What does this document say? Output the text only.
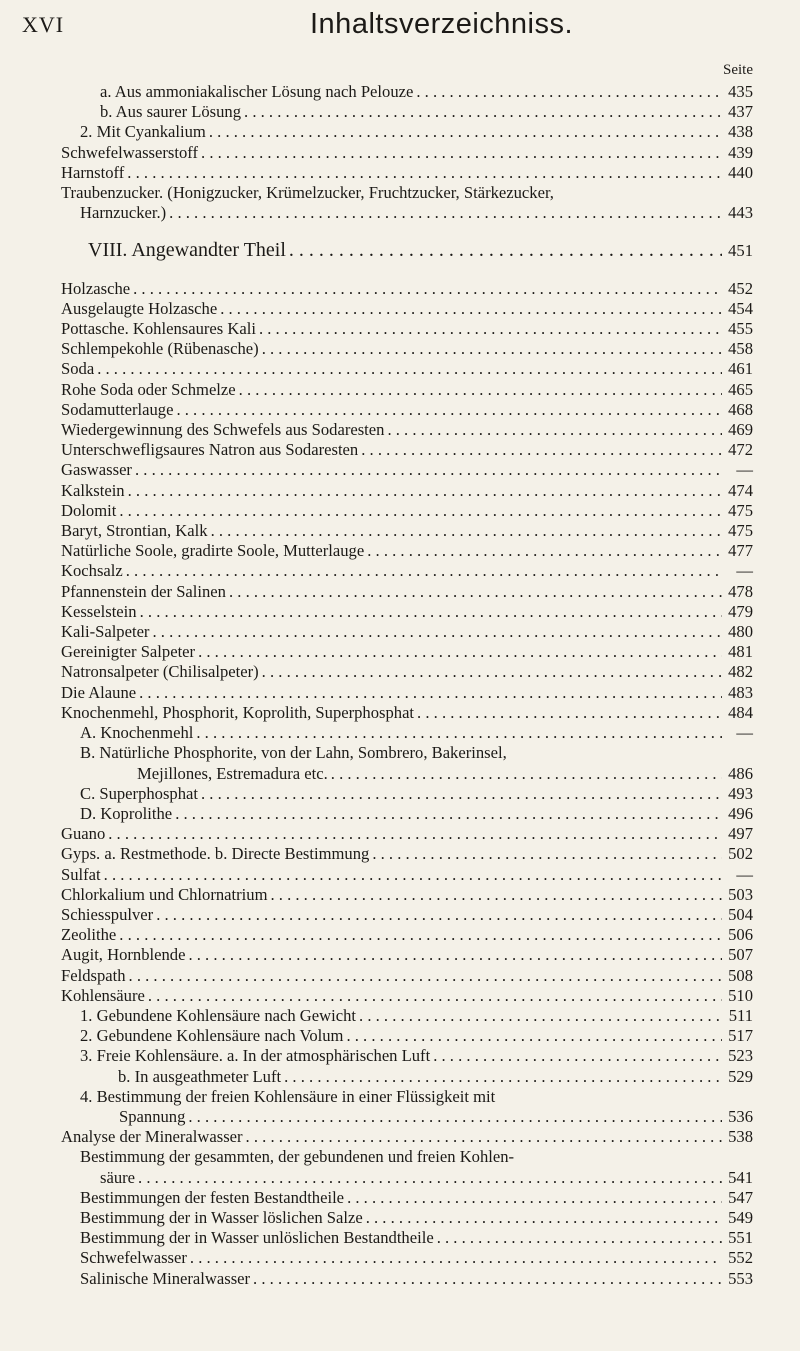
XVI	Inhaltsverzeichniss.
Seite
a. Aus ammoniakalischer Lösung nach Pelouze . . .	435
b. Aus saurer Lösung . . .	437
2. Mit Cyankalium . . .	438
Schwefelwasserstoff . . .	439
Harnstoff . . .	440
Traubenzucker. (Honigzucker, Krümelzucker, Fruchtzucker, Stärkezucker,
Harnzucker.) . . .	443
VIII. Angewandter Theil . . .	451
Holzasche . . .	452
Ausgelaugte Holzasche . . .	454
Pottasche. Kohlensaures Kali . . .	455
Schlempekohle (Rübenasche) . . .	458
Soda . . .	461
Rohe Soda oder Schmelze . . .	465
Sodamutterlauge . . .	468
Wiedergewinnung des Schwefels aus Sodaresten . . .	469
Unterschwefligsaures Natron aus Sodaresten . . .	472
Gaswasser . . .	—
Kalkstein . . .	474
Dolomit . . .	475
Baryt, Strontian, Kalk . . .	475
Natürliche Soole, gradirte Soole, Mutterlauge . . .	477
Kochsalz . . .	—
Pfannenstein der Salinen . . .	478
Kesselstein . . .	479
Kali-Salpeter . . .	480
Gereinigter Salpeter . . .	481
Natronsalpeter (Chilisalpeter) . . .	482
Die Alaune . . .	483
Knochenmehl, Phosphorit, Koprolith, Superphosphat . . .	484
A. Knochenmehl . . .	—
B. Natürliche Phosphorite, von der Lahn, Sombrero, Bakerinsel,
Mejillones, Estremadura etc. . . .	486
C. Superphosphat . . .	493
D. Koprolithe . . .	496
Guano . . .	497
Gyps. a. Restmethode. b. Directe Bestimmung . . .	502
Sulfat . . .	—
Chlorkalium und Chlornatrium . . .	503
Schiesspulver . . .	504
Zeolithe . . .	506
Augit, Hornblende . . .	507
Feldspath . . .	508
Kohlensäure . . .	510
1. Gebundene Kohlensäure nach Gewicht . . .	511
2. Gebundene Kohlensäure nach Volum . . .	517
3. Freie Kohlensäure. a. In der atmosphärischen Luft . . .	523
b. In ausgeathmeter Luft . . .	529
4. Bestimmung der freien Kohlensäure in einer Flüssigkeit mit
Spannung . . .	536
Analyse der Mineralwasser . . .	538
Bestimmung der gesammten, der gebundenen und freien Kohlen-
säure . . .	541
Bestimmungen der festen Bestandtheile . . .	547
Bestimmung der in Wasser löslichen Salze . . .	549
Bestimmung der in Wasser unlöslichen Bestandtheile . . .	551
Schwefelwasser . . .	552
Salinische Mineralwasser . . .	553
